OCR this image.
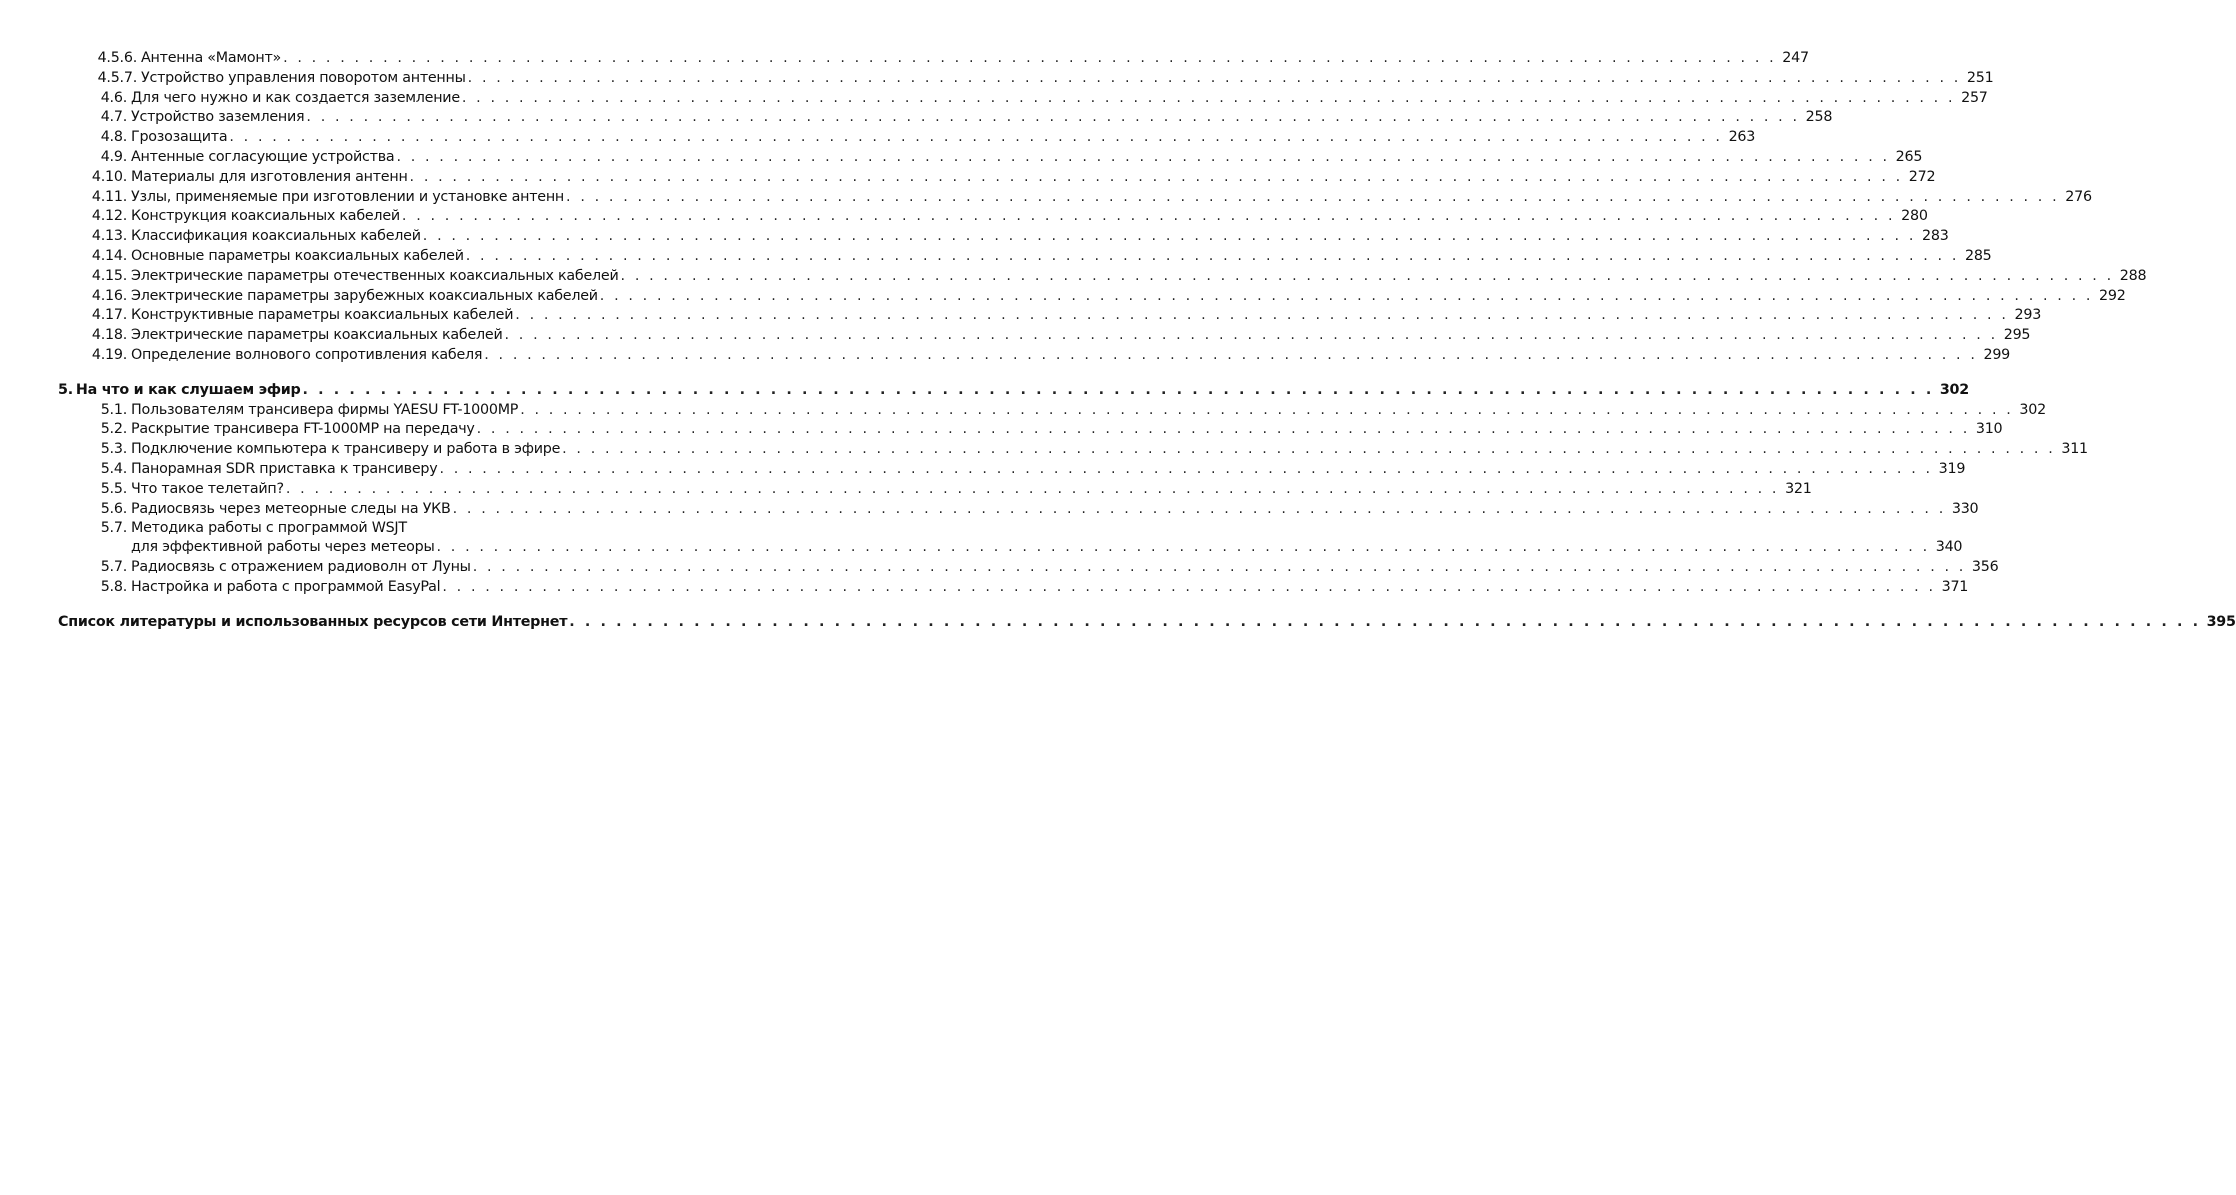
4.5.6. Антенна «Мамонт» . . . . . . . . . . . . . . . . . . . . . . . . . . . . . . . . . . . . . . . . . . . . . . . . . . . . . . . . . . . . . . . . . . . . . . . . . . . . . . . . . . . . . . . . . . . . . . . . . . . . . . . . . 247
4.5.7. Устройство управления поворотом антенны . . . . . . . . . . . . . . . . . . . . . . . . . . . . . . . . . . . . . . . . . . . . . . . . . . . . . . . . . . . . . . . . . . . . . . . . . . . . . . . . . . . . . . . . . . . . . . . . . . . . . . . . . 251
4.6. Для чего нужно и как создается заземление . . . . . . . . . . . . . . . . . . . . . . . . . . . . . . . . . . . . . . . . . . . . . . . . . . . . . . . . . . . . . . . . . . . . . . . . . . . . . . . . . . . . . . . . . . . . . . . . . . . . . . . . . 257
4.7. Устройство заземления . . . . . . . . . . . . . . . . . . . . . . . . . . . . . . . . . . . . . . . . . . . . . . . . . . . . . . . . . . . . . . . . . . . . . . . . . . . . . . . . . . . . . . . . . . . . . . . . . . . . . . . . . 258
4.8. Грозозащита . . . . . . . . . . . . . . . . . . . . . . . . . . . . . . . . . . . . . . . . . . . . . . . . . . . . . . . . . . . . . . . . . . . . . . . . . . . . . . . . . . . . . . . . . . . . . . . . . . . . . . . . . 263
4.9. Антенные согласующие устройства . . . . . . . . . . . . . . . . . . . . . . . . . . . . . . . . . . . . . . . . . . . . . . . . . . . . . . . . . . . . . . . . . . . . . . . . . . . . . . . . . . . . . . . . . . . . . . . . . . . . . . . . . 265
4.10. Материалы для изготовления антенн . . . . . . . . . . . . . . . . . . . . . . . . . . . . . . . . . . . . . . . . . . . . . . . . . . . . . . . . . . . . . . . . . . . . . . . . . . . . . . . . . . . . . . . . . . . . . . . . . . . . . . . . . 272
4.11. Узлы, применяемые при изготовлении и установке антенн . . . . . . . . . . . . . . . . . . . . . . . . . . . . . . . . . . . . . . . . . . . . . . . . . . . . . . . . . . . . . . . . . . . . . . . . . . . . . . . . . . . . . . . . . . . . . . . . . . . . . . . . . 276
4.12. Конструкция коаксиальных кабелей . . . . . . . . . . . . . . . . . . . . . . . . . . . . . . . . . . . . . . . . . . . . . . . . . . . . . . . . . . . . . . . . . . . . . . . . . . . . . . . . . . . . . . . . . . . . . . . . . . . . . . . . . 280
4.13. Классификация коаксиальных кабелей . . . . . . . . . . . . . . . . . . . . . . . . . . . . . . . . . . . . . . . . . . . . . . . . . . . . . . . . . . . . . . . . . . . . . . . . . . . . . . . . . . . . . . . . . . . . . . . . . . . . . . . . . 283
4.14. Основные параметры коаксиальных кабелей . . . . . . . . . . . . . . . . . . . . . . . . . . . . . . . . . . . . . . . . . . . . . . . . . . . . . . . . . . . . . . . . . . . . . . . . . . . . . . . . . . . . . . . . . . . . . . . . . . . . . . . . . 285
4.15. Электрические параметры отечественных коаксиальных кабелей . . . . . . . . . . . . . . . . . . . . . . . . . . . . . . . . . . . . . . . . . . . . . . . . . . . . . . . . . . . . . . . . . . . . . . . . . . . . . . . . . . . . . . . . . . . . . . . . . . . . . . . . . 288
4.16. Электрические параметры зарубежных коаксиальных кабелей . . . . . . . . . . . . . . . . . . . . . . . . . . . . . . . . . . . . . . . . . . . . . . . . . . . . . . . . . . . . . . . . . . . . . . . . . . . . . . . . . . . . . . . . . . . . . . . . . . . . . . . . . 292
4.17. Конструктивные параметры коаксиальных кабелей . . . . . . . . . . . . . . . . . . . . . . . . . . . . . . . . . . . . . . . . . . . . . . . . . . . . . . . . . . . . . . . . . . . . . . . . . . . . . . . . . . . . . . . . . . . . . . . . . . . . . . . . . 293
4.18. Электрические параметры коаксиальных кабелей . . . . . . . . . . . . . . . . . . . . . . . . . . . . . . . . . . . . . . . . . . . . . . . . . . . . . . . . . . . . . . . . . . . . . . . . . . . . . . . . . . . . . . . . . . . . . . . . . . . . . . . . . 295
4.19. Определение волнового сопротивления кабеля . . . . . . . . . . . . . . . . . . . . . . . . . . . . . . . . . . . . . . . . . . . . . . . . . . . . . . . . . . . . . . . . . . . . . . . . . . . . . . . . . . . . . . . . . . . . . . . . . . . . . . . . . 299
5. На что и как слушаем эфир . . . . . . . . . . . . . . . . . . . . . . . . . . . . . . . . . . . . . . . . . . . . . . . . . . . . . . . . . . . . . . . . . . . . . . . . . . . . . . . . . . . . . . . . . . . . . . . . . . . . . . . . . 302
5.1. Пользователям трансивера фирмы YAESU FT-1000MP . . . . . . . . . . . . . . . . . . . . . . . . . . . . . . . . . . . . . . . . . . . . . . . . . . . . . . . . . . . . . . . . . . . . . . . . . . . . . . . . . . . . . . . . . . . . . . . . . . . . . . . . . 302
5.2. Раскрытие трансивера FT-1000MP на передачу . . . . . . . . . . . . . . . . . . . . . . . . . . . . . . . . . . . . . . . . . . . . . . . . . . . . . . . . . . . . . . . . . . . . . . . . . . . . . . . . . . . . . . . . . . . . . . . . . . . . . . . . . 310
5.3. Подключение компьютера к трансиверу и работа в эфире . . . . . . . . . . . . . . . . . . . . . . . . . . . . . . . . . . . . . . . . . . . . . . . . . . . . . . . . . . . . . . . . . . . . . . . . . . . . . . . . . . . . . . . . . . . . . . . . . . . . . . . . . 311
5.4. Панорамная SDR приставка к трансиверу . . . . . . . . . . . . . . . . . . . . . . . . . . . . . . . . . . . . . . . . . . . . . . . . . . . . . . . . . . . . . . . . . . . . . . . . . . . . . . . . . . . . . . . . . . . . . . . . . . . . . . . . . 319
5.5. Что такое телетайп? . . . . . . . . . . . . . . . . . . . . . . . . . . . . . . . . . . . . . . . . . . . . . . . . . . . . . . . . . . . . . . . . . . . . . . . . . . . . . . . . . . . . . . . . . . . . . . . . . . . . . . . . . 321
5.6. Радиосвязь через метеорные следы на УКВ . . . . . . . . . . . . . . . . . . . . . . . . . . . . . . . . . . . . . . . . . . . . . . . . . . . . . . . . . . . . . . . . . . . . . . . . . . . . . . . . . . . . . . . . . . . . . . . . . . . . . . . . . 330
5.7. Методика работы с программой WSJT
для эффективной работы через метеоры . . . . . . . . . . . . . . . . . . . . . . . . . . . . . . . . . . . . . . . . . . . . . . . . . . . . . . . . . . . . . . . . . . . . . . . . . . . . . . . . . . . . . . . . . . . . . . . . . . . . . . . . . 340
5.7. Радиосвязь с отражением радиоволн от Луны . . . . . . . . . . . . . . . . . . . . . . . . . . . . . . . . . . . . . . . . . . . . . . . . . . . . . . . . . . . . . . . . . . . . . . . . . . . . . . . . . . . . . . . . . . . . . . . . . . . . . . . . . 356
5.8. Настройка и работа с программой EasyPal . . . . . . . . . . . . . . . . . . . . . . . . . . . . . . . . . . . . . . . . . . . . . . . . . . . . . . . . . . . . . . . . . . . . . . . . . . . . . . . . . . . . . . . . . . . . . . . . . . . . . . . . . 371
Список литературы и использованных ресурсов сети Интернет . . . . . . . . . . . . . . . . . . . . . . . . . . . . . . . . . . . . . . . . . . . . . . . . . . . . . . . . . . . . . . . . . . . . . . . . . . . . . . . . . . . . . . . . . . . . . . . . . . . . . . . . . 395
